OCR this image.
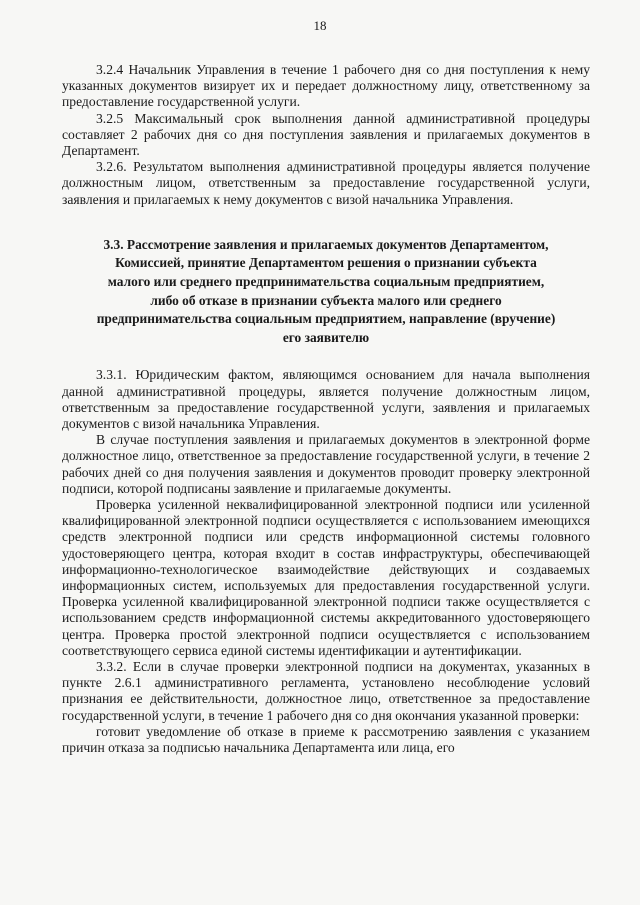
18

3.2.4 Начальник Управления в течение 1 рабочего дня со дня поступления к нему указанных документов визирует их и передает должностному лицу, ответственному за предоставление государственной услуги.

3.2.5 Максимальный срок выполнения данной административной процедуры составляет 2 рабочих дня со дня поступления заявления и прилагаемых документов в Департамент.

3.2.6. Результатом выполнения административной процедуры является получение должностным лицом, ответственным за предоставление государственной услуги, заявления и прилагаемых к нему документов с визой начальника Управления.

3.3. Рассмотрение заявления и прилагаемых документов Департаментом, Комиссией, принятие Департаментом решения о признании субъекта малого или среднего предпринимательства социальным предприятием, либо об отказе в признании субъекта малого или среднего предпринимательства социальным предприятием, направление (вручение) его заявителю

3.3.1. Юридическим фактом, являющимся основанием для начала выполнения данной административной процедуры, является получение должностным лицом, ответственным за предоставление государственной услуги, заявления и прилагаемых документов с визой начальника Управления.

В случае поступления заявления и прилагаемых документов в электронной форме должностное лицо, ответственное за предоставление государственной услуги, в течение 2 рабочих дней со дня получения заявления и документов проводит проверку электронной подписи, которой подписаны заявление и прилагаемые документы.

Проверка усиленной неквалифицированной электронной подписи или усиленной квалифицированной электронной подписи осуществляется с использованием имеющихся средств электронной подписи или средств информационной системы головного удостоверяющего центра, которая входит в состав инфраструктуры, обеспечивающей информационно-технологическое взаимодействие действующих и создаваемых информационных систем, используемых для предоставления государственной услуги. Проверка усиленной квалифицированной электронной подписи также осуществляется с использованием средств информационной системы аккредитованного удостоверяющего центра. Проверка простой электронной подписи осуществляется с использованием соответствующего сервиса единой системы идентификации и аутентификации.

3.3.2. Если в случае проверки электронной подписи на документах, указанных в пункте 2.6.1 административного регламента, установлено несоблюдение условий признания ее действительности, должностное лицо, ответственное за предоставление государственной услуги, в течение 1 рабочего дня со дня окончания указанной проверки:

готовит уведомление об отказе в приеме к рассмотрению заявления с указанием причин отказа за подписью начальника Департамента или лица, его
